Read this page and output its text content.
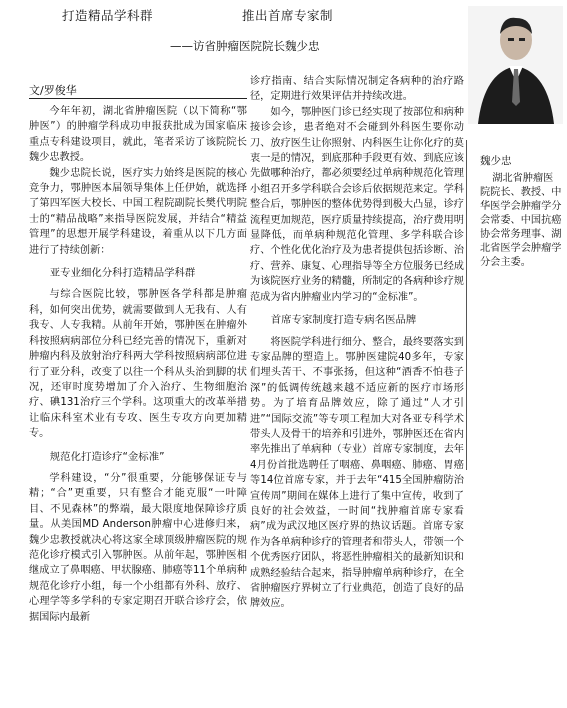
打造精品学科群	推出首席专家制
——访省肿瘤医院院长魏少忠
文/罗俊华

今年年初，湖北省肿瘤医院（以下简称“鄂肿医”）的肿瘤学科成功申报获批成为国家临床重点专科建设项目，就此，笔者采访了该院院长魏少忠教授。

魏少忠院长说，医疗实力始终是医院的核心竞争力，鄂肿医本届领导集体上任伊始，就选择了第四军医大校长、中国工程院副院长樊代明院士的“精品战略”来指导医院发展，并结合“精益管理”的思想开展学科建设，着重从以下几方面进行了持续创新：

亚专业细化分科打造精品学科群

与综合医院比较，鄂肿医各学科都是肿瘤科，如何突出优势，就需要做到人无我有、人有我专、人专我精。从前年开始，鄂肿医在肿瘤外科按照病病部位分科已经完善的情况下，重新对肿瘤内科及放射治疗科两大学科按照病病部位进行了亚分科，改变了以往一个科从头治到脚的状况，还审时度势增加了介入治疗、生物细胞治疗、碘131治疗三个学科。这项重大的改革举措让临床科室术业有专攻、医生专攻方向更加精专。

规范化打造诊疗“金标准”

学科建设，“分”很重要，分能够保证专与精；“合”更重要，只有整合才能克服“一叶障目、不见森林”的弊端，最大限度地保障诊疗质量。从美国MD Anderson肿瘤中心进修归来，魏少忠教授就决心将这家全球顶级肿瘤医院的规范化诊疗模式引入鄂肿医。从前年起，鄂肿医相继成立了鼻咽癌、甲状腺癌、肺癌等11个单病种规范化诊疗小组，每一个小组都有外科、放疗、心理学等多学科的专家定期召开联合诊疗会，依据国际内最新

诊疗指南、结合实际情况制定各病种的治疗路径，定期进行效果评估并持续改进。

如今，鄂肿医门诊已经实现了按部位和病种接诊会诊，患者绝对不会碰到外科医生要你动刀、放疗医生让你照射、内科医生让你化疗的莫衷一是的情况，到底那种手段更有效、到底应该先做哪种治疗，都必须要经过单病种规范化管理小组召开多学科联合会诊后依据规范来定。学科整合后，鄂肿医的整体优势得到极大凸显，诊疗流程更加规范，医疗质量持续提高，治疗费用明显降低，而单病种规范化管理、多学科联合诊疗、个性化优化治疗及为患者提供包括诊断、治疗、营养、康复、心理指导等全方位服务已经成为该院医疗业务的精髓，所制定的各病种诊疗规范成为省内肿瘤业内学习的“金标准”。

首席专家制度打造专病名医品牌

将医院学科进行细分、整合，最终要落实到专家品牌的塑造上。鄂肿医建院40多年，专家们埋头苦干、不事张扬，但这种“酒香不怕巷子深”的低调传统越来越不适应新的医疗市场形势。为了培育品牌效应，除了通过“人才引进”“国际交流”等专项工程加大对各亚专科学术带头人及骨干的培养和引进外，鄂肿医还在省内率先推出了单病种（专业）首席专家制度，去年4月份首批选聘任了咽癌、鼻咽癌、肺癌、胃癌等14位首席专家，并于去年“415全国肿瘤防治宣传周”期间在媒体上进行了集中宣传，收到了良好的社会效益，一时间“找肿瘤首席专家看病”成为武汉地区医疗界的热议话题。首席专家作为各单病种诊疗的管理者和带头人，带领一个个优秀医疗团队，将恶性肿瘤相关的最新知识和成熟经验结合起来，指导肿瘤单病种诊疗，在全省肿瘤医疗界树立了行业典范，创造了良好的品牌效应。

魏少忠
湖北省肿瘤医院院长、教授、中华医学会肿瘤学分会常委、中国抗癌协会常务理事、湖北省医学会肿瘤学分会主委。
